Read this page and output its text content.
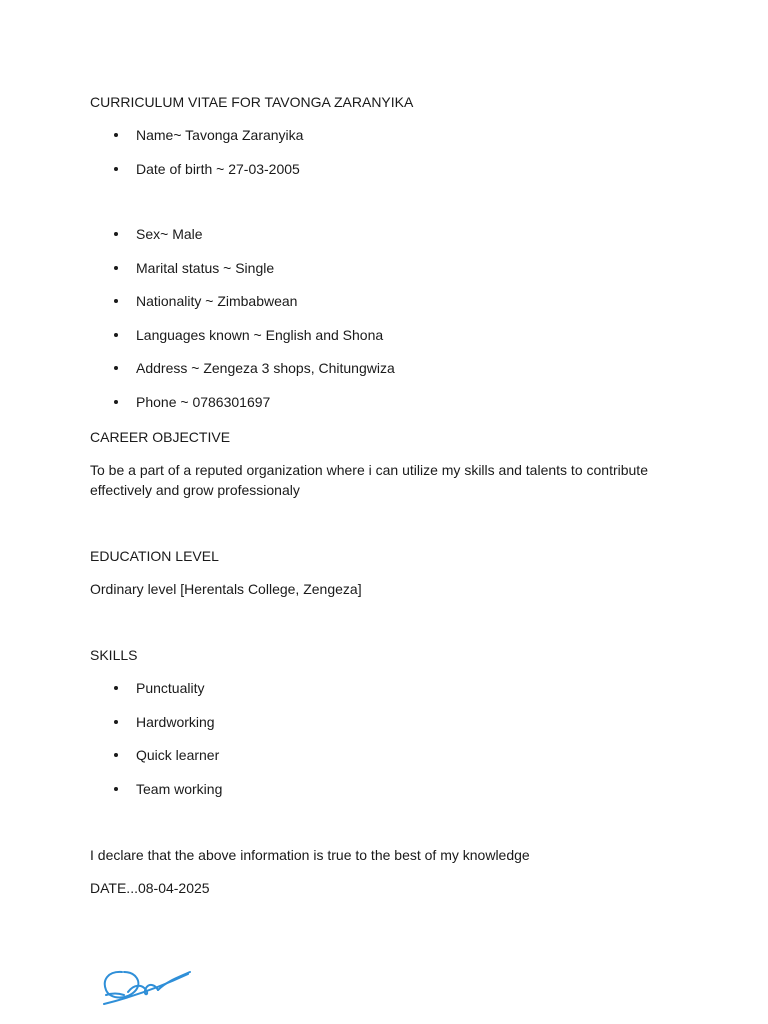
CURRICULUM VITAE FOR TAVONGA ZARANYIKA
Name~ Tavonga Zaranyika
Date of birth ~ 27-03-2005
Sex~ Male
Marital status ~ Single
Nationality ~ Zimbabwean
Languages known ~ English and Shona
Address ~ Zengeza 3 shops, Chitungwiza
Phone ~ 0786301697
CAREER OBJECTIVE
To be a part of a reputed organization where i can utilize my skills and talents to contribute effectively and grow professionaly
EDUCATION LEVEL
Ordinary level [Herentals College, Zengeza]
SKILLS
Punctuality
Hardworking
Quick learner
Team working
I declare that the above information is true to the best of my knowledge
DATE...08-04-2025
